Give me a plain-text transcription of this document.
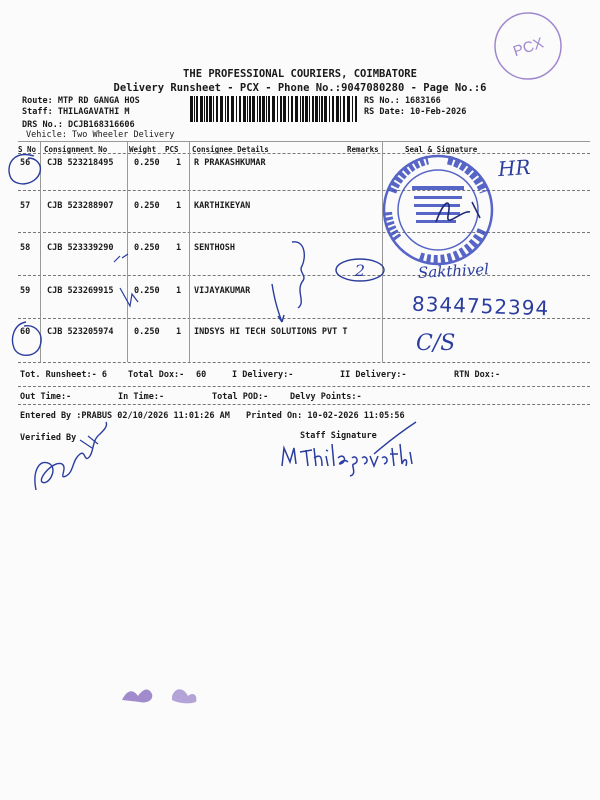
PCX
THE PROFESSIONAL COURIERS, COIMBATORE
Delivery Runsheet - PCX - Phone No.:9047080280 - Page No.:6
Route: MTP RD GANGA HOS
Staff: THILAGAVATHI M
DRS No.: DCJB168316606
Vehicle: Two Wheeler Delivery
RS No.: 1683166
RS Date: 10-Feb-2026
S No Consignment No	Weight PCS Consignee Details	Remarks	Seal & Signature
56 CJB 523218495 0.250 1 R PRAKASHKUMAR
57 CJB 523288907 0.250 1 KARTHIKEYAN
58 CJB 523339290 0.250 1 SENTHOSH
59 CJB 523269915 0.250 1 VIJAYAKUMAR
60 CJB 523205974 0.250 1 INDSYS HI TECH SOLUTIONS PVT T
HR
2	Sakthivel
8344752394
C/S
Tot. Runsheet:- 6 Total Dox:- 60	I Delivery:-	II Delivery:-	RTN Dox:-
Out Time:-	In Time:-	Total POD:-	Delvy Points:-
Entered By :PRABUS 02/10/2026 11:01:26 AM Printed On: 10-02-2026 11:05:56
Verified By	Staff Signature
